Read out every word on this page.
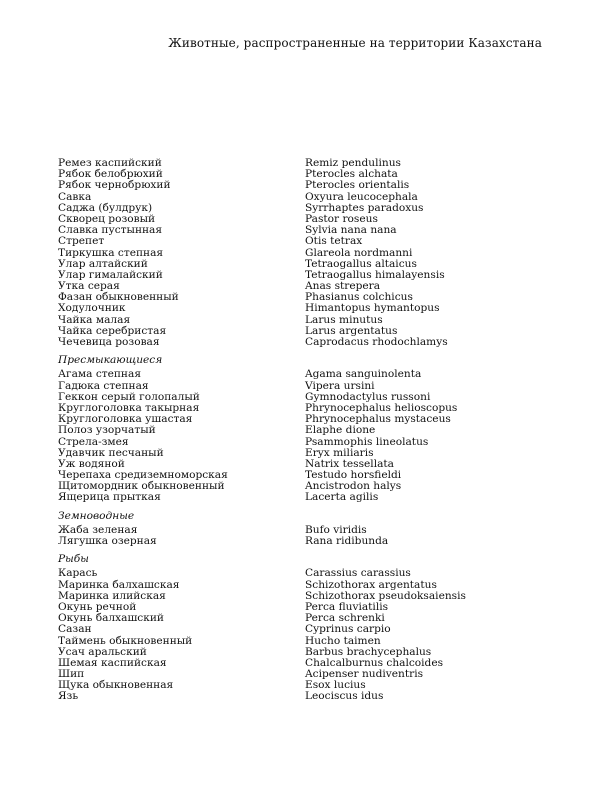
Животные, распространенные на территории Казахстана
Ремез каспийский	Remiz pendulinus
Рябок белобрюхий	Pterocles alchata
Рябок чернобрюхий	Pterocles orientalis
Савка	Oxyura leucocephala
Саджа (булдрук)	Syrrhaptes paradoxus
Скворец розовый	Pastor roseus
Славка пустынная	Sylvia nana nana
Стрепет	Otis tetrax
Тиркушка степная	Glareola nordmanni
Улар алтайский	Tetraogallus altaicus
Улар гималайский	Tetraogallus himalayensis
Утка серая	Anas strepera
Фазан обыкновенный	Phasianus colchicus
Ходулочник	Himantopus hymantopus
Чайка малая	Larus minutus
Чайка серебристая	Larus argentatus
Чечевица розовая	Caprodacus rhodochlamys
Пресмыкающиеся
Агама степная	Agama sanguinolenta
Гадюка степная	Vipera ursini
Геккон серый голопалый	Gymnodactylus russoni
Круглоголовка такырная	Phrynocephalus helioscopus
Круглоголовка ушастая	Phrynocephalus mystaceus
Полоз узорчатый	Elaphe dione
Стрела-змея	Psammophis lineolatus
Удавчик песчаный	Eryx miliaris
Уж водяной	Natrix tessellata
Черепаха средиземноморская	Testudo horsfieldi
Щитомордник обыкновенный	Ancistrodon halys
Ящерица прыткая	Lacerta agilis
Земноводные
Жаба зеленая	Bufo viridis
Лягушка озерная	Rana ridibunda
Рыбы
Карась	Carassius carassius
Маринка балхашская	Schizothorax argentatus
Маринка илийская	Schizothorax pseudoksaiensis
Окунь речной	Perca fluviatilis
Окунь балхашский	Perca schrenki
Сазан	Cyprinus carpio
Таймень обыкновенный	Hucho taimen
Усач аральский	Barbus brachycephalus
Шемая каспийская	Chalcalburnus chalcoides
Шип	Acipenser nudiventris
Щука обыкновенная	Esox lucius
Язь	Leociscus idus
